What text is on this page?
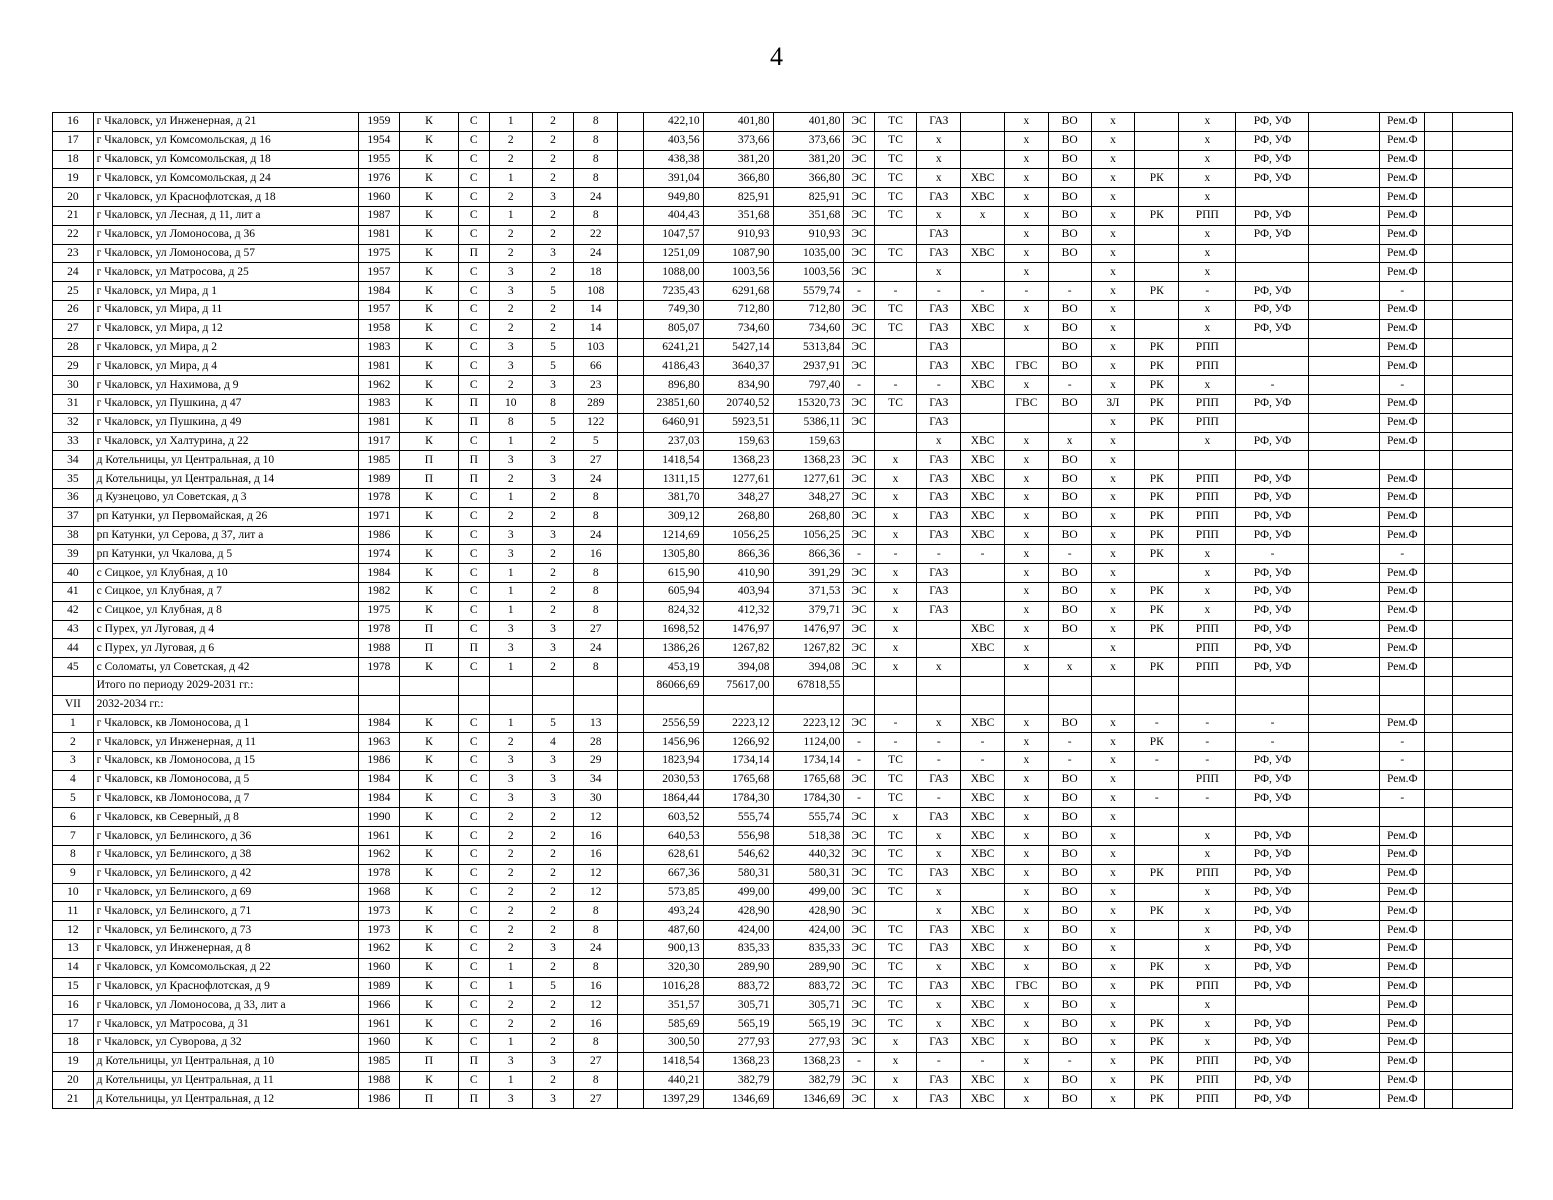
4
16	г Чкаловск, ул Инженерная, д 21	1959	К	С	1	2	8		422,10	401,80	401,80	ЭС	ТС	ГАЗ		х	ВО	х		х	РФ, УФ		Рем.Ф		
17	г Чкаловск, ул Комсомольская, д 16	1954	К	С	2	2	8		403,56	373,66	373,66	ЭС	ТС	х		х	ВО	х		х	РФ, УФ		Рем.Ф		
18	г Чкаловск, ул Комсомольская, д 18	1955	К	С	2	2	8		438,38	381,20	381,20	ЭС	ТС	х		х	ВО	х		х	РФ, УФ		Рем.Ф		
19	г Чкаловск, ул Комсомольская, д 24	1976	К	С	1	2	8		391,04	366,80	366,80	ЭС	ТС	х	ХВС	х	ВО	х	РК	х	РФ, УФ		Рем.Ф		
20	г Чкаловск, ул Краснофлотская, д 18	1960	К	С	2	3	24		949,80	825,91	825,91	ЭС	ТС	ГАЗ	ХВС	х	ВО	х		х			Рем.Ф		
21	г Чкаловск, ул Лесная, д 11, лит а	1987	К	С	1	2	8		404,43	351,68	351,68	ЭС	ТС	х	х	х	ВО	х	РК	РПП	РФ, УФ		Рем.Ф		
22	г Чкаловск, ул Ломоносова, д 36	1981	К	С	2	2	22		1047,57	910,93	910,93	ЭС		ГАЗ		х	ВО	х		х	РФ, УФ		Рем.Ф		
23	г Чкаловск, ул Ломоносова, д 57	1975	К	П	2	3	24		1251,09	1087,90	1035,00	ЭС	ТС	ГАЗ	ХВС	х	ВО	х		х			Рем.Ф		
24	г Чкаловск, ул Матросова, д 25	1957	К	С	3	2	18		1088,00	1003,56	1003,56	ЭС		х		х		х		х			Рем.Ф		
25	г Чкаловск, ул Мира, д 1	1984	К	С	3	5	108		7235,43	6291,68	5579,74	-	-	-	-	-	-	х	РК	-	РФ, УФ		-		
26	г Чкаловск, ул Мира, д 11	1957	К	С	2	2	14		749,30	712,80	712,80	ЭС	ТС	ГАЗ	ХВС	х	ВО	х		х	РФ, УФ		Рем.Ф		
27	г Чкаловск, ул Мира, д 12	1958	К	С	2	2	14		805,07	734,60	734,60	ЭС	ТС	ГАЗ	ХВС	х	ВО	х		х	РФ, УФ		Рем.Ф		
28	г Чкаловск, ул Мира, д 2	1983	К	С	3	5	103		6241,21	5427,14	5313,84	ЭС		ГАЗ			ВО	х	РК	РПП			Рем.Ф		
29	г Чкаловск, ул Мира, д 4	1981	К	С	3	5	66		4186,43	3640,37	2937,91	ЭС		ГАЗ	ХВС	ГВС	ВО	х	РК	РПП			Рем.Ф		
30	г Чкаловск, ул Нахимова, д 9	1962	К	С	2	3	23		896,80	834,90	797,40	-	-	-	ХВС	х	-	х	РК	х	-		-		
31	г Чкаловск, ул Пушкина, д 47	1983	К	П	10	8	289		23851,60	20740,52	15320,73	ЭС	ТС	ГАЗ		ГВС	ВО	ЗЛ	РК	РПП	РФ, УФ		Рем.Ф		
32	г Чкаловск, ул Пушкина, д 49	1981	К	П	8	5	122		6460,91	5923,51	5386,11	ЭС		ГАЗ				х	РК	РПП			Рем.Ф		
33	г Чкаловск, ул Халтурина, д 22	1917	К	С	1	2	5		237,03	159,63	159,63			х	ХВС	х	х	х		х	РФ, УФ		Рем.Ф		
34	д Котельницы, ул Центральная, д 10	1985	П	П	3	3	27		1418,54	1368,23	1368,23	ЭС	х	ГАЗ	ХВС	х	ВО	х							
35	д Котельницы, ул Центральная, д 14	1989	П	П	2	3	24		1311,15	1277,61	1277,61	ЭС	х	ГАЗ	ХВС	х	ВО	х	РК	РПП	РФ, УФ		Рем.Ф		
36	д Кузнецово, ул Советская, д 3	1978	К	С	1	2	8		381,70	348,27	348,27	ЭС	х	ГАЗ	ХВС	х	ВО	х	РК	РПП	РФ, УФ		Рем.Ф		
37	рп Катунки, ул Первомайская, д 26	1971	К	С	2	2	8		309,12	268,80	268,80	ЭС	х	ГАЗ	ХВС	х	ВО	х	РК	РПП	РФ, УФ		Рем.Ф		
38	рп Катунки, ул Серова, д 37, лит а	1986	К	С	3	3	24		1214,69	1056,25	1056,25	ЭС	х	ГАЗ	ХВС	х	ВО	х	РК	РПП	РФ, УФ		Рем.Ф		
39	рп Катунки, ул Чкалова, д 5	1974	К	С	3	2	16		1305,80	866,36	866,36	-	-	-	-	х	-	х	РК	х	-		-		
40	с Сицкое, ул Клубная, д 10	1984	К	С	1	2	8		615,90	410,90	391,29	ЭС	х	ГАЗ		х	ВО	х		х	РФ, УФ		Рем.Ф		
41	с Сицкое, ул Клубная, д 7	1982	К	С	1	2	8		605,94	403,94	371,53	ЭС	х	ГАЗ		х	ВО	х	РК	х	РФ, УФ		Рем.Ф		
42	с Сицкое, ул Клубная, д 8	1975	К	С	1	2	8		824,32	412,32	379,71	ЭС	х	ГАЗ		х	ВО	х	РК	х	РФ, УФ		Рем.Ф		
43	с Пурех, ул Луговая, д 4	1978	П	С	3	3	27		1698,52	1476,97	1476,97	ЭС	х		ХВС	х	ВО	х	РК	РПП	РФ, УФ		Рем.Ф		
44	с Пурех, ул Луговая, д 6	1988	П	П	3	3	24		1386,26	1267,82	1267,82	ЭС	х		ХВС	х		х		РПП	РФ, УФ		Рем.Ф		
45	с Соломаты, ул Советская, д 42	1978	К	С	1	2	8		453,19	394,08	394,08	ЭС	х	х		х	х	х	РК	РПП	РФ, УФ		Рем.Ф		
	Итого по периоду 2029-2031 гг.:								86066,69	75617,00	67818,55														
VII	2032-2034 гг.:																								
1	г Чкаловск, кв Ломоносова, д 1	1984	К	С	1	5	13		2556,59	2223,12	2223,12	ЭС	-	х	ХВС	х	ВО	х	-	-	-		Рем.Ф		
2	г Чкаловск, ул Инженерная, д 11	1963	К	С	2	4	28		1456,96	1266,92	1124,00	-	-	-	-	х	-	х	РК	-	-		-		
3	г Чкаловск, кв Ломоносова, д 15	1986	К	С	3	3	29		1823,94	1734,14	1734,14	-	ТС	-	-	х	-	х	-	-	РФ, УФ		-		
4	г Чкаловск, кв Ломоносова, д 5	1984	К	С	3	3	34		2030,53	1765,68	1765,68	ЭС	ТС	ГАЗ	ХВС	х	ВО	х		РПП	РФ, УФ		Рем.Ф		
5	г Чкаловск, кв Ломоносова, д 7	1984	К	С	3	3	30		1864,44	1784,30	1784,30	-	ТС	-	ХВС	х	ВО	х	-	-	РФ, УФ		-		
6	г Чкаловск, кв Северный, д 8	1990	К	С	2	2	12		603,52	555,74	555,74	ЭС	х	ГАЗ	ХВС	х	ВО	х							
7	г Чкаловск, ул Белинского, д 36	1961	К	С	2	2	16		640,53	556,98	518,38	ЭС	ТС	х	ХВС	х	ВО	х		х	РФ, УФ		Рем.Ф		
8	г Чкаловск, ул Белинского, д 38	1962	К	С	2	2	16		628,61	546,62	440,32	ЭС	ТС	х	ХВС	х	ВО	х		х	РФ, УФ		Рем.Ф		
9	г Чкаловск, ул Белинского, д 42	1978	К	С	2	2	12		667,36	580,31	580,31	ЭС	ТС	ГАЗ	ХВС	х	ВО	х	РК	РПП	РФ, УФ		Рем.Ф		
10	г Чкаловск, ул Белинского, д 69	1968	К	С	2	2	12		573,85	499,00	499,00	ЭС	ТС	х		х	ВО	х		х	РФ, УФ		Рем.Ф		
11	г Чкаловск, ул Белинского, д 71	1973	К	С	2	2	8		493,24	428,90	428,90	ЭС		х	ХВС	х	ВО	х	РК	х	РФ, УФ		Рем.Ф		
12	г Чкаловск, ул Белинского, д 73	1973	К	С	2	2	8		487,60	424,00	424,00	ЭС	ТС	ГАЗ	ХВС	х	ВО	х		х	РФ, УФ		Рем.Ф		
13	г Чкаловск, ул Инженерная, д 8	1962	К	С	2	3	24		900,13	835,33	835,33	ЭС	ТС	ГАЗ	ХВС	х	ВО	х		х	РФ, УФ		Рем.Ф		
14	г Чкаловск, ул Комсомольская, д 22	1960	К	С	1	2	8		320,30	289,90	289,90	ЭС	ТС	х	ХВС	х	ВО	х	РК	х	РФ, УФ		Рем.Ф		
15	г Чкаловск, ул Краснофлотская, д 9	1989	К	С	1	5	16		1016,28	883,72	883,72	ЭС	ТС	ГАЗ	ХВС	ГВС	ВО	х	РК	РПП	РФ, УФ		Рем.Ф		
16	г Чкаловск, ул Ломоносова, д 33, лит а	1966	К	С	2	2	12		351,57	305,71	305,71	ЭС	ТС	х	ХВС	х	ВО	х		х			Рем.Ф		
17	г Чкаловск, ул Матросова, д 31	1961	К	С	2	2	16		585,69	565,19	565,19	ЭС	ТС	х	ХВС	х	ВО	х	РК	х	РФ, УФ		Рем.Ф		
18	г Чкаловск, ул Суворова, д 32	1960	К	С	1	2	8		300,50	277,93	277,93	ЭС	х	ГАЗ	ХВС	х	ВО	х	РК	х	РФ, УФ		Рем.Ф		
19	д Котельницы, ул Центральная, д 10	1985	П	П	3	3	27		1418,54	1368,23	1368,23	-	х	-	-	х	-	х	РК	РПП	РФ, УФ		Рем.Ф		
20	д Котельницы, ул Центральная, д 11	1988	К	С	1	2	8		440,21	382,79	382,79	ЭС	х	ГАЗ	ХВС	х	ВО	х	РК	РПП	РФ, УФ		Рем.Ф		
21	д Котельницы, ул Центральная, д 12	1986	П	П	3	3	27		1397,29	1346,69	1346,69	ЭС	х	ГАЗ	ХВС	х	ВО	х	РК	РПП	РФ, УФ		Рем.Ф		
